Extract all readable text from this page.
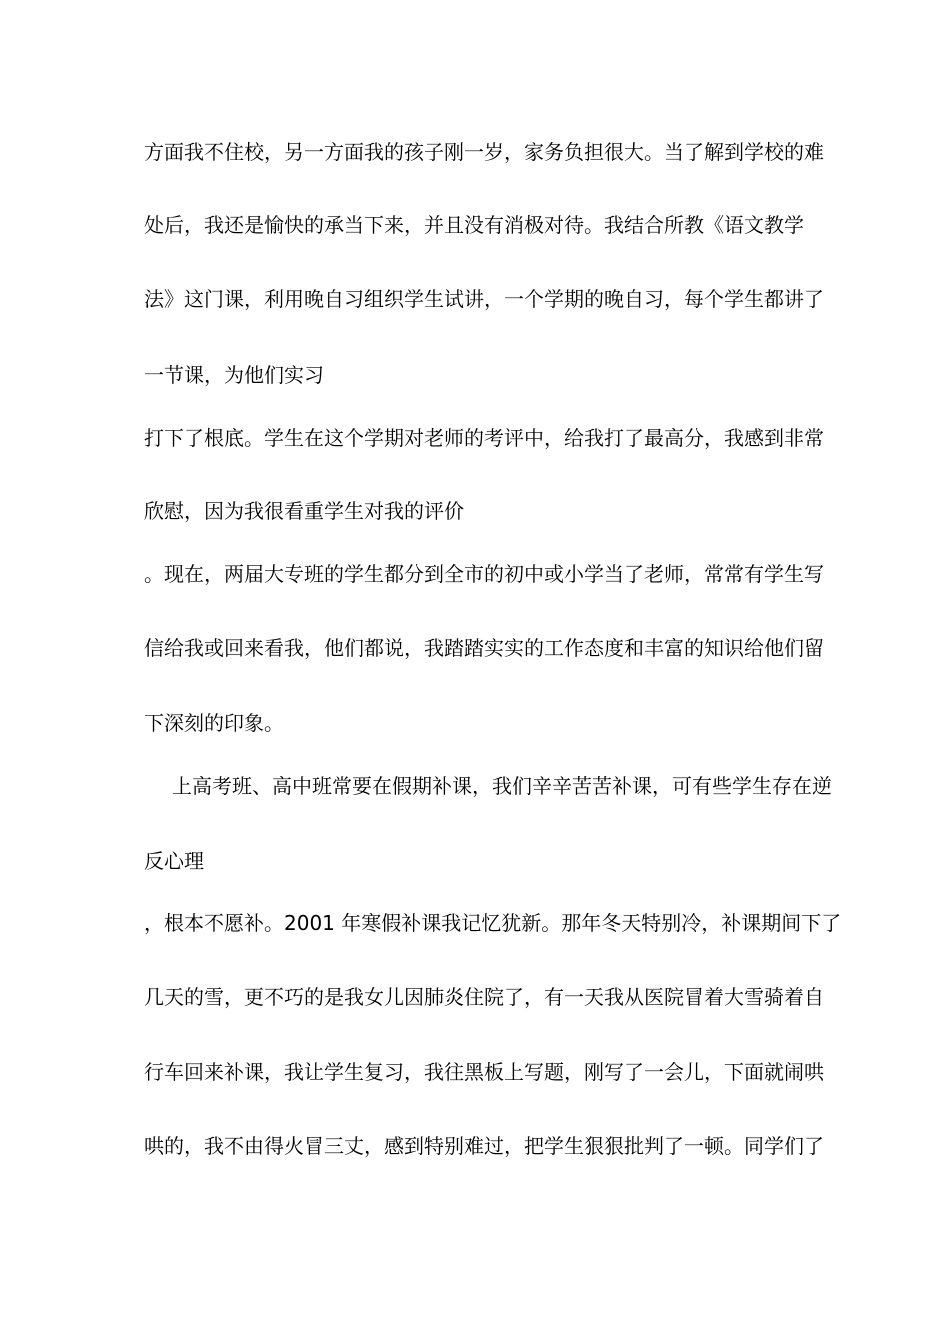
方面我不住校，另一方面我的孩子刚一岁，家务负担很大。当了解到学校的难
处后，我还是愉快的承当下来，并且没有消极对待。我结合所教《语文教学
法》这门课，利用晚自习组织学生试讲，一个学期的晚自习，每个学生都讲了
一节课，为他们实习
打下了根底。学生在这个学期对老师的考评中，给我打了最高分，我感到非常
欣慰，因为我很看重学生对我的评价
。现在，两届大专班的学生都分到全市的初中或小学当了老师，常常有学生写
信给我或回来看我，他们都说，我踏踏实实的工作态度和丰富的知识给他们留
下深刻的印象。
上高考班、高中班常要在假期补课，我们辛辛苦苦补课，可有些学生存在逆
反心理
，根本不愿补。2001 年寒假补课我记忆犹新。那年冬天特别冷，补课期间下了
几天的雪，更不巧的是我女儿因肺炎住院了，有一天我从医院冒着大雪骑着自
行车回来补课，我让学生复习，我往黑板上写题，刚写了一会儿，下面就闹哄
哄的，我不由得火冒三丈，感到特别难过，把学生狠狠批判了一顿。同学们了
